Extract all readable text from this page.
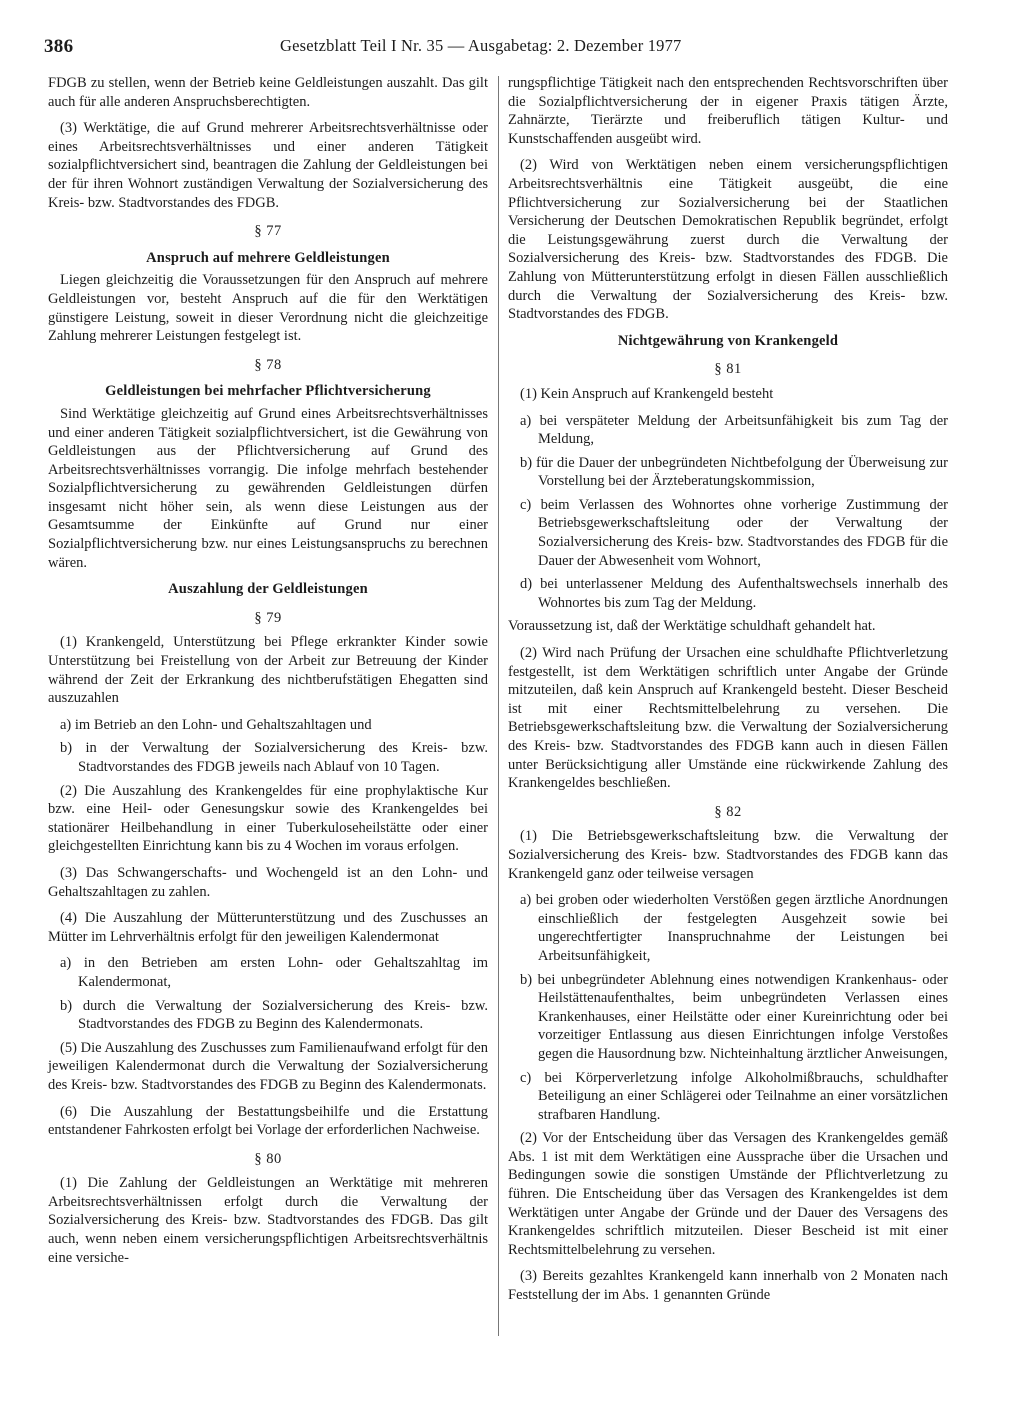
386	Gesetzblatt Teil I Nr. 35 — Ausgabetag: 2. Dezember 1977

FDGB zu stellen, wenn der Betrieb keine Geldleistungen auszahlt. Das gilt auch für alle anderen Anspruchsberechtigten.

(3) Werktätige, die auf Grund mehrerer Arbeitsrechtsverhältnisse oder eines Arbeitsrechtsverhältnisses und einer anderen Tätigkeit sozialpflichtversichert sind, beantragen die Zahlung der Geldleistungen bei der für ihren Wohnort zuständigen Verwaltung der Sozialversicherung des Kreis- bzw. Stadtvorstandes des FDGB.

§ 77
Anspruch auf mehrere Geldleistungen

Liegen gleichzeitig die Voraussetzungen für den Anspruch auf mehrere Geldleistungen vor, besteht Anspruch auf die für den Werktätigen günstigere Leistung, soweit in dieser Verordnung nicht die gleichzeitige Zahlung mehrerer Leistungen festgelegt ist.

§ 78
Geldleistungen bei mehrfacher Pflichtversicherung

Sind Werktätige gleichzeitig auf Grund eines Arbeitsrechtsverhältnisses und einer anderen Tätigkeit sozialpflichtversichert, ist die Gewährung von Geldleistungen aus der Pflichtversicherung auf Grund des Arbeitsrechtsverhältnisses vorrangig. Die infolge mehrfach bestehender Sozialpflichtversicherung zu gewährenden Geldleistungen dürfen insgesamt nicht höher sein, als wenn diese Leistungen aus der Gesamtsumme der Einkünfte auf Grund nur einer Sozialpflichtversicherung bzw. nur eines Leistungsanspruchs zu berechnen wären.

Auszahlung der Geldleistungen
§ 79

(1) Krankengeld, Unterstützung bei Pflege erkrankter Kinder sowie Unterstützung bei Freistellung von der Arbeit zur Betreuung der Kinder während der Zeit der Erkrankung des nichtberufstätigen Ehegatten sind auszuzahlen

a) im Betrieb an den Lohn- und Gehaltszahltagen und

b) in der Verwaltung der Sozialversicherung des Kreis- bzw. Stadtvorstandes des FDGB jeweils nach Ablauf von 10 Tagen.

(2) Die Auszahlung des Krankengeldes für eine prophylaktische Kur bzw. eine Heil- oder Genesungskur sowie des Krankengeldes bei stationärer Heilbehandlung in einer Tuberkuloseheilstätte oder einer gleichgestellten Einrichtung kann bis zu 4 Wochen im voraus erfolgen.

(3) Das Schwangerschafts- und Wochengeld ist an den Lohn- und Gehaltszahltagen zu zahlen.

(4) Die Auszahlung der Mütterunterstützung und des Zuschusses an Mütter im Lehrverhältnis erfolgt für den jeweiligen Kalendermonat

a) in den Betrieben am ersten Lohn- oder Gehaltszahltag im Kalendermonat,

b) durch die Verwaltung der Sozialversicherung des Kreis- bzw. Stadtvorstandes des FDGB zu Beginn des Kalendermonats.

(5) Die Auszahlung des Zuschusses zum Familienaufwand erfolgt für den jeweiligen Kalendermonat durch die Verwaltung der Sozialversicherung des Kreis- bzw. Stadtvorstandes des FDGB zu Beginn des Kalendermonats.

(6) Die Auszahlung der Bestattungsbeihilfe und die Erstattung entstandener Fahrkosten erfolgt bei Vorlage der erforderlichen Nachweise.

§ 80

(1) Die Zahlung der Geldleistungen an Werktätige mit mehreren Arbeitsrechtsverhältnissen erfolgt durch die Verwaltung der Sozialversicherung des Kreis- bzw. Stadtvorstandes des FDGB. Das gilt auch, wenn neben einem versicherungspflichtigen Arbeitsrechtsverhältnis eine versiche-

rungspflichtige Tätigkeit nach den entsprechenden Rechtsvorschriften über die Sozialpflichtversicherung der in eigener Praxis tätigen Ärzte, Zahnärzte, Tierärzte und freiberuflich tätigen Kultur- und Kunstschaffenden ausgeübt wird.

(2) Wird von Werktätigen neben einem versicherungspflichtigen Arbeitsrechtsverhältnis eine Tätigkeit ausgeübt, die eine Pflichtversicherung zur Sozialversicherung bei der Staatlichen Versicherung der Deutschen Demokratischen Republik begründet, erfolgt die Leistungsgewährung zuerst durch die Verwaltung der Sozialversicherung des Kreis- bzw. Stadtvorstandes des FDGB. Die Zahlung von Mütterunterstützung erfolgt in diesen Fällen ausschließlich durch die Verwaltung der Sozialversicherung des Kreis- bzw. Stadtvorstandes des FDGB.

Nichtgewährung von Krankengeld
§ 81

(1) Kein Anspruch auf Krankengeld besteht

a) bei verspäteter Meldung der Arbeitsunfähigkeit bis zum Tag der Meldung,

b) für die Dauer der unbegründeten Nichtbefolgung der Überweisung zur Vorstellung bei der Ärzteberatungskommission,

c) beim Verlassen des Wohnortes ohne vorherige Zustimmung der Betriebsgewerkschaftsleitung oder der Verwaltung der Sozialversicherung des Kreis- bzw. Stadtvorstandes des FDGB für die Dauer der Abwesenheit vom Wohnort,

d) bei unterlassener Meldung des Aufenthaltswechsels innerhalb des Wohnortes bis zum Tag der Meldung.

Voraussetzung ist, daß der Werktätige schuldhaft gehandelt hat.

(2) Wird nach Prüfung der Ursachen eine schuldhafte Pflichtverletzung festgestellt, ist dem Werktätigen schriftlich unter Angabe der Gründe mitzuteilen, daß kein Anspruch auf Krankengeld besteht. Dieser Bescheid ist mit einer Rechtsmittelbelehrung zu versehen. Die Betriebsgewerkschaftsleitung bzw. die Verwaltung der Sozialversicherung des Kreis- bzw. Stadtvorstandes des FDGB kann auch in diesen Fällen unter Berücksichtigung aller Umstände eine rückwirkende Zahlung des Krankengeldes beschließen.

§ 82

(1) Die Betriebsgewerkschaftsleitung bzw. die Verwaltung der Sozialversicherung des Kreis- bzw. Stadtvorstandes des FDGB kann das Krankengeld ganz oder teilweise versagen

a) bei groben oder wiederholten Verstößen gegen ärztliche Anordnungen einschließlich der festgelegten Ausgehzeit sowie bei ungerechtfertigter Inanspruchnahme der Leistungen bei Arbeitsunfähigkeit,

b) bei unbegründeter Ablehnung eines notwendigen Krankenhaus- oder Heilstättenaufenthaltes, beim unbegründeten Verlassen eines Krankenhauses, einer Heilstätte oder einer Kureinrichtung oder bei vorzeitiger Entlassung aus diesen Einrichtungen infolge Verstoßes gegen die Hausordnung bzw. Nichteinhaltung ärztlicher Anweisungen,

c) bei Körperverletzung infolge Alkoholmißbrauchs, schuldhafter Beteiligung an einer Schlägerei oder Teilnahme an einer vorsätzlichen strafbaren Handlung.

(2) Vor der Entscheidung über das Versagen des Krankengeldes gemäß Abs. 1 ist mit dem Werktätigen eine Aussprache über die Ursachen und Bedingungen sowie die sonstigen Umstände der Pflichtverletzung zu führen. Die Entscheidung über das Versagen des Krankengeldes ist dem Werktätigen unter Angabe der Gründe und der Dauer des Versagens des Krankengeldes schriftlich mitzuteilen. Dieser Bescheid ist mit einer Rechtsmittelbelehrung zu versehen.

(3) Bereits gezahltes Krankengeld kann innerhalb von 2 Monaten nach Feststellung der im Abs. 1 genannten Gründe
